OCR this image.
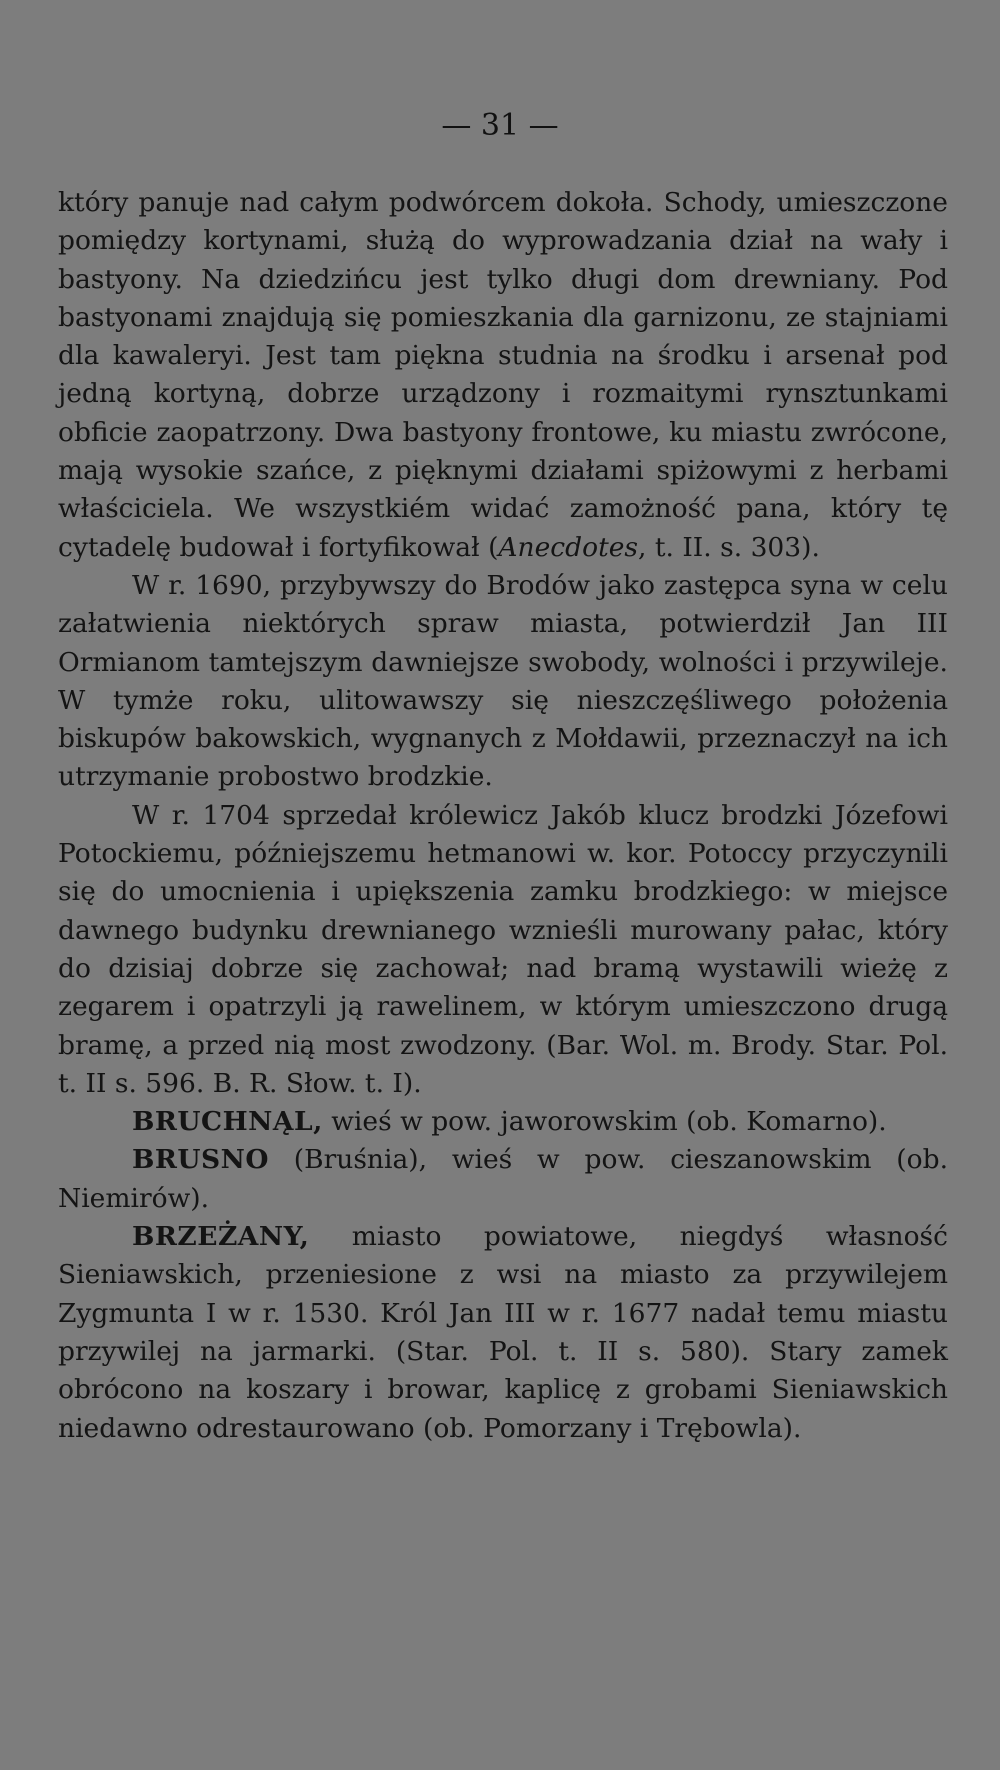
— 31 —

który panuje nad całym podwórcem dokoła. Schody, umieszczone pomiędzy kortynami, służą do wyprowadzania dział na wały i bastyony. Na dziedzińcu jest tylko długi dom drewniany. Pod bastyonami znajdują się pomieszkania dla garnizonu, ze stajniami dla kawaleryi. Jest tam piękna studnia na środku i arsenał pod jedną kortyną, dobrze urządzony i rozmaitymi rynsztunkami obficie zaopatrzony. Dwa bastyony frontowe, ku miastu zwrócone, mają wysokie szańce, z pięknymi działami spiżowymi z herbami właściciela. We wszystkiém widać zamożność pana, który tę cytadelę budował i fortyfikował (Anecdotes, t. II. s. 303).

W r. 1690, przybywszy do Brodów jako zastępca syna w celu załatwienia niektórych spraw miasta, potwierdził Jan III Ormianom tamtejszym dawniejsze swobody, wolności i przywileje. W tymże roku, ulitowawszy się nieszczęśliwego położenia biskupów bakowskich, wygnanych z Mołdawii, przeznaczył na ich utrzymanie probostwo brodzkie.

W r. 1704 sprzedał królewicz Jakób klucz brodzki Józefowi Potockiemu, późniejszemu hetmanowi w. kor. Potoccy przyczynili się do umocnienia i upiększenia zamku brodzkiego: w miejsce dawnego budynku drewnianego wznieśli murowany pałac, który do dzisiaj dobrze się zachował; nad bramą wystawili wieżę z zegarem i opatrzyli ją rawelinem, w którym umieszczono drugą bramę, a przed nią most zwodzony. (Bar. Wol. m. Brody. Star. Pol. t. II s. 596. B. R. Słow. t. I).

BRUCHNĄL, wieś w pow. jaworowskim (ob. Komarno).

BRUSNO (Bruśnia), wieś w pow. cieszanowskim (ob. Niemirów).

BRZEŻANY, miasto powiatowe, niegdyś własność Sieniawskich, przeniesione z wsi na miasto za przywilejem Zygmunta I w r. 1530. Król Jan III w r. 1677 nadał temu miastu przywilej na jarmarki. (Star. Pol. t. II s. 580). Stary zamek obrócono na koszary i browar, kaplicę z grobami Sieniawskich niedawno odrestaurowano (ob. Pomorzany i Trębowla).
